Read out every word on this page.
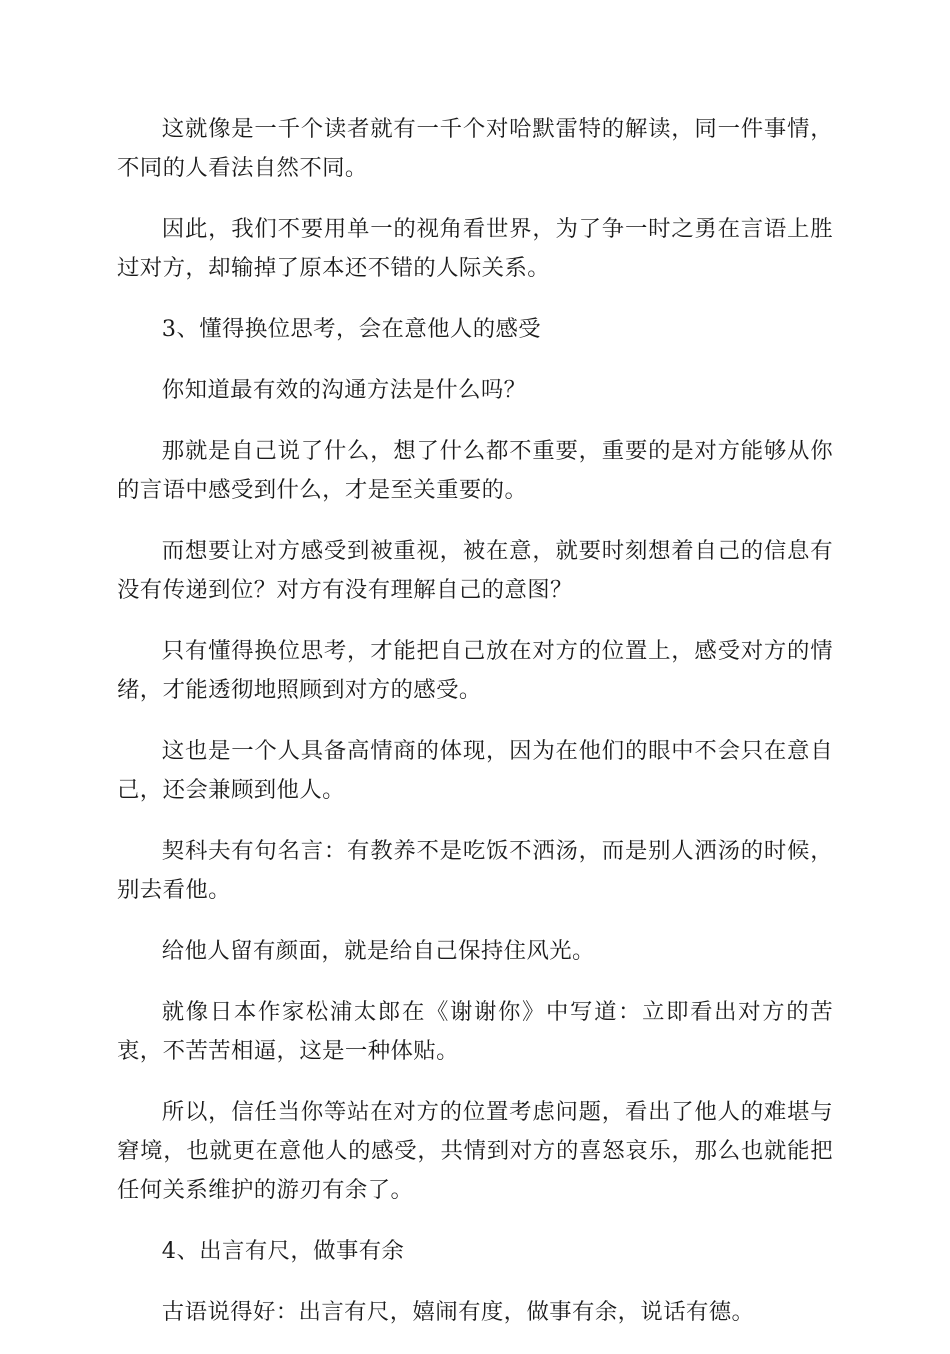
这就像是一千个读者就有一千个对哈默雷特的解读，同一件事情，不同的人看法自然不同。

因此，我们不要用单一的视角看世界，为了争一时之勇在言语上胜过对方，却输掉了原本还不错的人际关系。

3、懂得换位思考，会在意他人的感受

你知道最有效的沟通方法是什么吗？

那就是自己说了什么，想了什么都不重要，重要的是对方能够从你的言语中感受到什么，才是至关重要的。

而想要让对方感受到被重视，被在意，就要时刻想着自己的信息有没有传递到位？对方有没有理解自己的意图？

只有懂得换位思考，才能把自己放在对方的位置上，感受对方的情绪，才能透彻地照顾到对方的感受。

这也是一个人具备高情商的体现，因为在他们的眼中不会只在意自己，还会兼顾到他人。

契科夫有句名言：有教养不是吃饭不洒汤，而是别人洒汤的时候，别去看他。

给他人留有颜面，就是给自己保持住风光。

就像日本作家松浦太郎在《谢谢你》中写道：立即看出对方的苦衷，不苦苦相逼，这是一种体贴。

所以，信任当你等站在对方的位置考虑问题，看出了他人的难堪与窘境，也就更在意他人的感受，共情到对方的喜怒哀乐，那么也就能把任何关系维护的游刃有余了。

4、出言有尺，做事有余

古语说得好：出言有尺，嬉闹有度，做事有余，说话有德。
